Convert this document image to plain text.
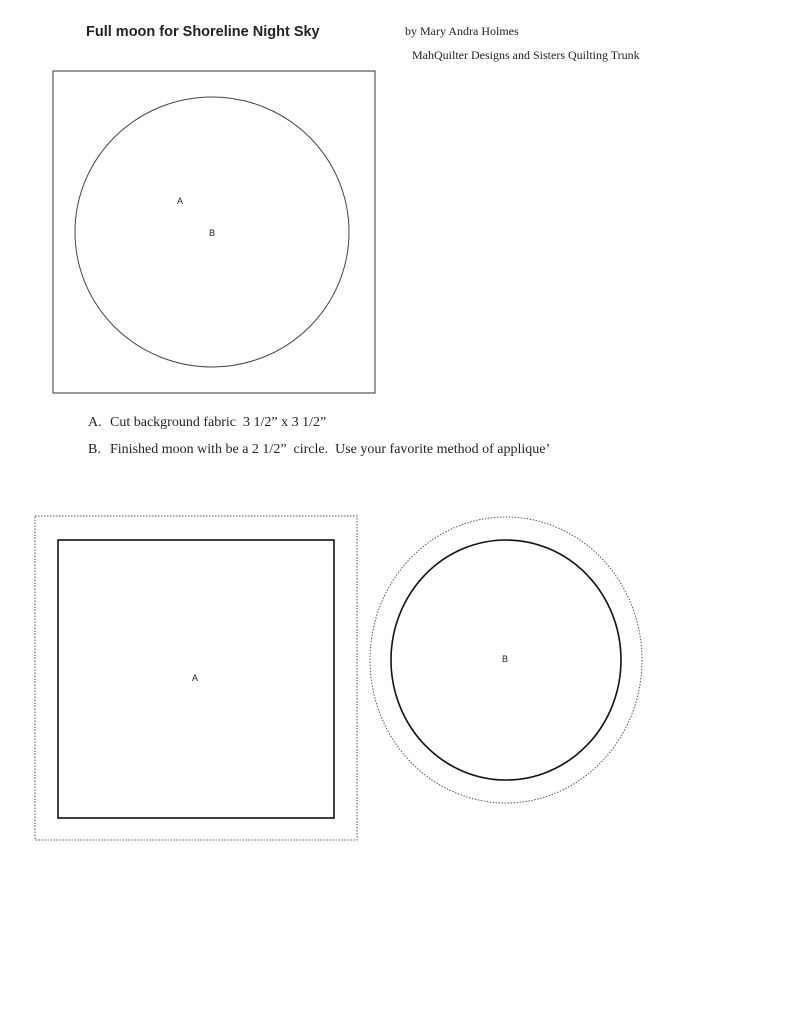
Full moon for Shoreline Night Sky	by Mary Andra Holmes
MahQuilter Designs and Sisters Quilting Trunk
A
B
A
B
A. Cut background fabric  3 1/2” x 3 1/2”
B. Finished moon with be a 2 1/2”  circle.  Use your favorite method of applique’
